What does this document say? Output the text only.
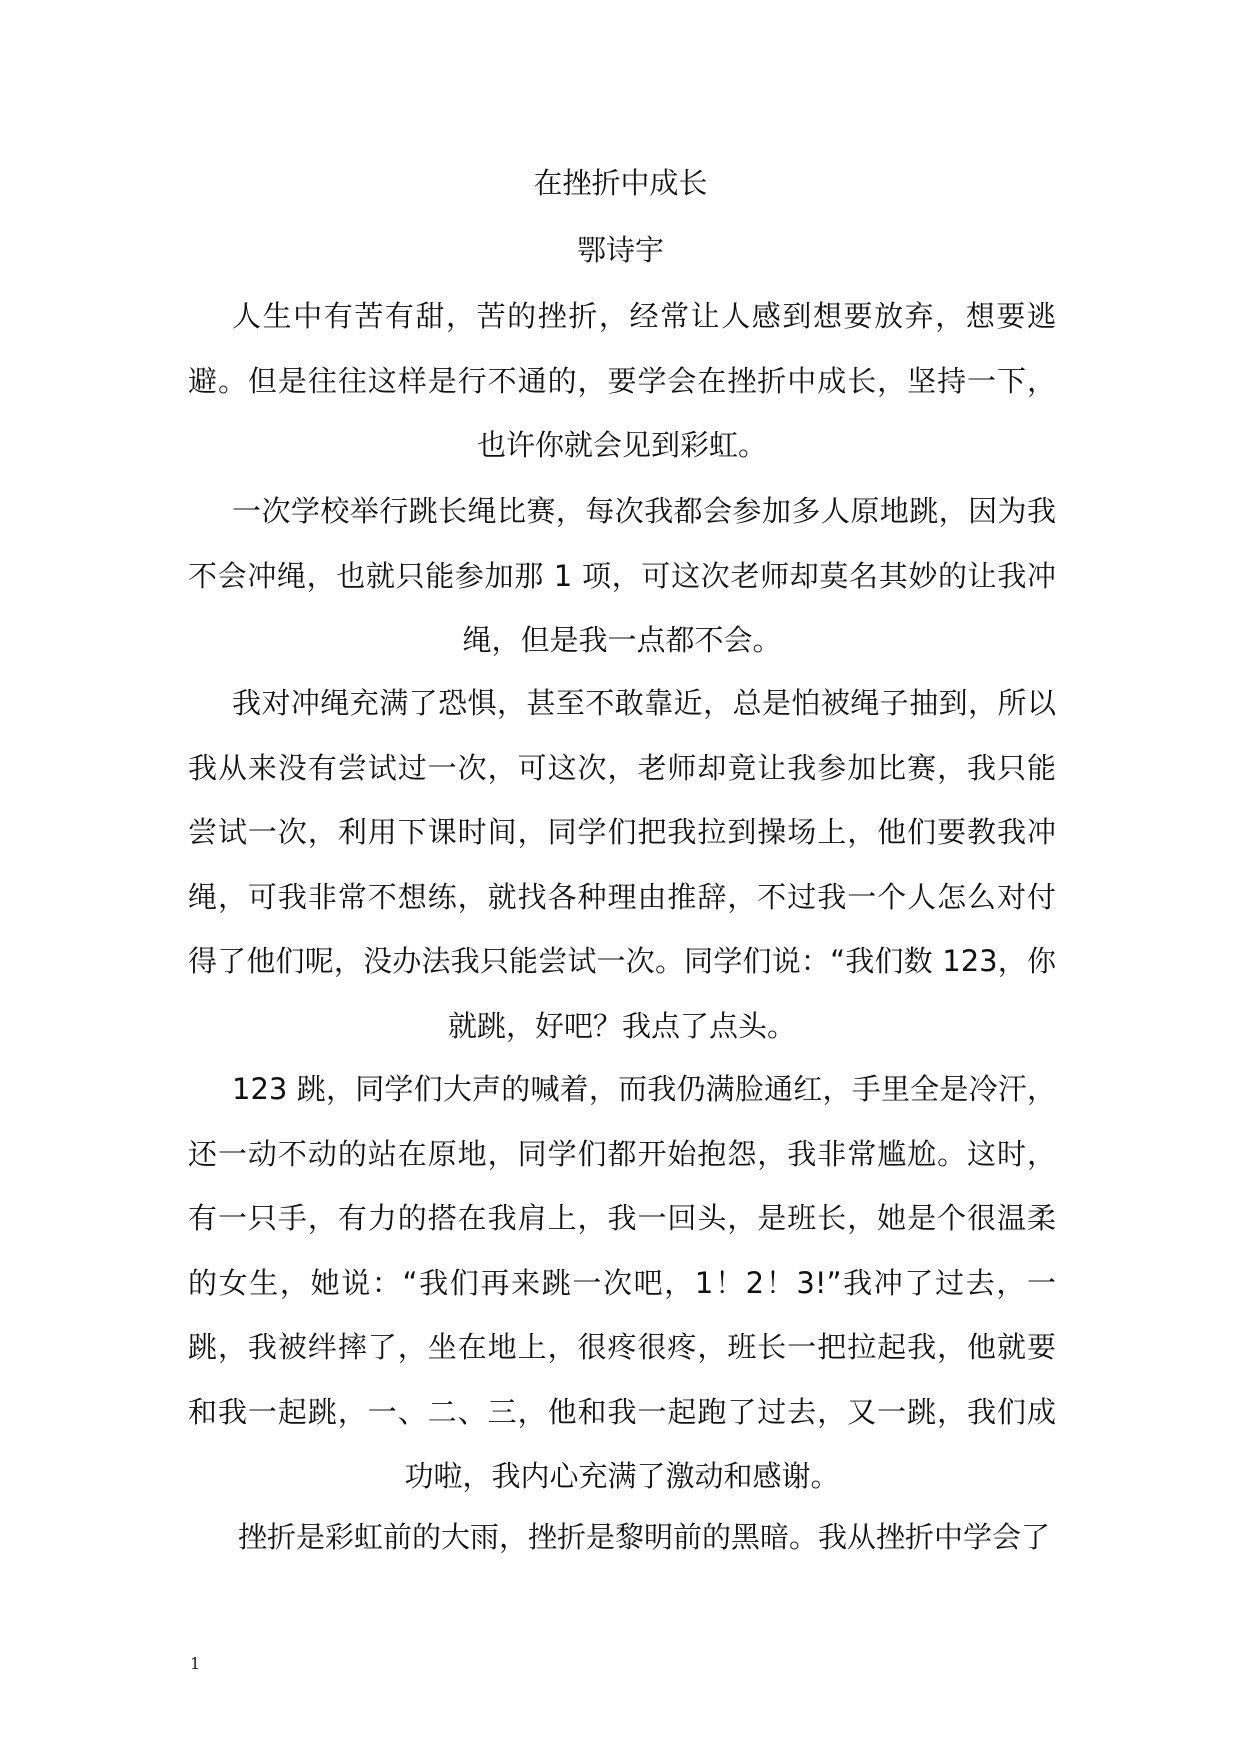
在挫折中成长
鄂诗宇
人生中有苦有甜，苦的挫折，经常让人感到想要放弃，想要逃避。但是往往这样是行不通的，要学会在挫折中成长，坚持一下，也许你就会见到彩虹。
一次学校举行跳长绳比赛，每次我都会参加多人原地跳，因为我不会冲绳，也就只能参加那 1 项，可这次老师却莫名其妙的让我冲绳，但是我一点都不会。
我对冲绳充满了恐惧，甚至不敢靠近，总是怕被绳子抽到，所以我从来没有尝试过一次，可这次，老师却竟让我参加比赛，我只能尝试一次，利用下课时间，同学们把我拉到操场上，他们要教我冲绳，可我非常不想练，就找各种理由推辞，不过我一个人怎么对付得了他们呢，没办法我只能尝试一次。同学们说：“我们数 123，你就跳，好吧？我点了点头。
123 跳，同学们大声的喊着，而我仍满脸通红，手里全是冷汗，还一动不动的站在原地，同学们都开始抱怨，我非常尴尬。这时，有一只手，有力的搭在我肩上，我一回头，是班长，她是个很温柔的女生，她说：“我们再来跳一次吧，1！2！3!”我冲了过去，一跳，我被绊摔了，坐在地上，很疼很疼，班长一把拉起我，他就要和我一起跳，一、二、三，他和我一起跑了过去，又一跳，我们成功啦，我内心充满了激动和感谢。
挫折是彩虹前的大雨，挫折是黎明前的黑暗。我从挫折中学会了
1
